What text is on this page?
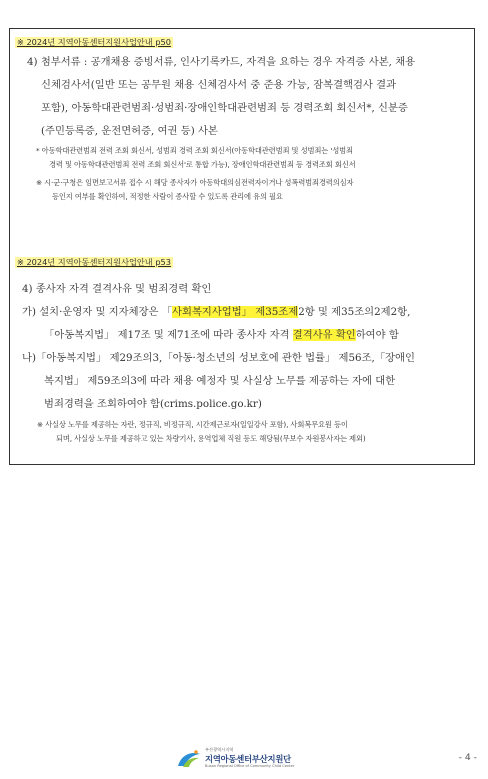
※ 2024년 지역아동센터지원사업안내 p50
4) 첨부서류 : 공개채용 증빙서류, 인사기록카드, 자격을 요하는 경우 자격증 사본, 채용
신체검사서(일반 또는 공무원 채용 신체검사서 중 준용 가능, 잠복결핵검사 결과
포함), 아동학대관련범죄·성범죄·장애인학대관련범죄 등 경력조회 회신서*, 신분증
(주민등록증, 운전면허증, 여권 등) 사본
* 아동학대관련범죄 전력 조회 회신서, 성범죄 경력 조회 회신서(아동학대관련범죄 및 성범죄는 '성범죄
경력 및 아동학대관련범죄 전력 조회 회신서'로 통합 가능), 장애인학대관련범죄 등 경력조회 회신서
※ 시·군·구청은 임면보고서류 접수 시 해당 종사자가 아동학대의심전력자이거나 성폭력범죄경력의심자
등인지 여부를 확인하여, 적정한 사람이 종사할 수 있도록 관리에 유의 필요
※ 2024년 지역아동센터지원사업안내 p53
4) 종사자 자격 결격사유 및 범죄경력 확인
가) 설치·운영자 및 지자체장은 「사회복지사업법」 제35조제2항 및 제35조의2제2항,
「아동복지법」 제17조 및 제71조에 따라 종사자 자격 결격사유 확인하여야 함
나)「아동복지법」 제29조의3,「아동·청소년의 성보호에 관한 법률」 제56조,「장애인
복지법」 제59조의3에 따라 채용 예정자 및 사실상 노무를 제공하는 자에 대한
범죄경력을 조회하여야 함(crims.police.go.kr)
※ 사실상 노무를 제공하는 자란, 정규직, 비정규직, 시간제근로자(일일강사 포함), 사회복무요원 등이
되며, 사실상 노무를 제공하고 있는 차량기사, 용역업체 직원 등도 해당됨(무보수 자원봉사자는 제외)
부산광역시지역
지역아동센터부산지원단
Busan Regional Office of Community Child Center
- 4 -
